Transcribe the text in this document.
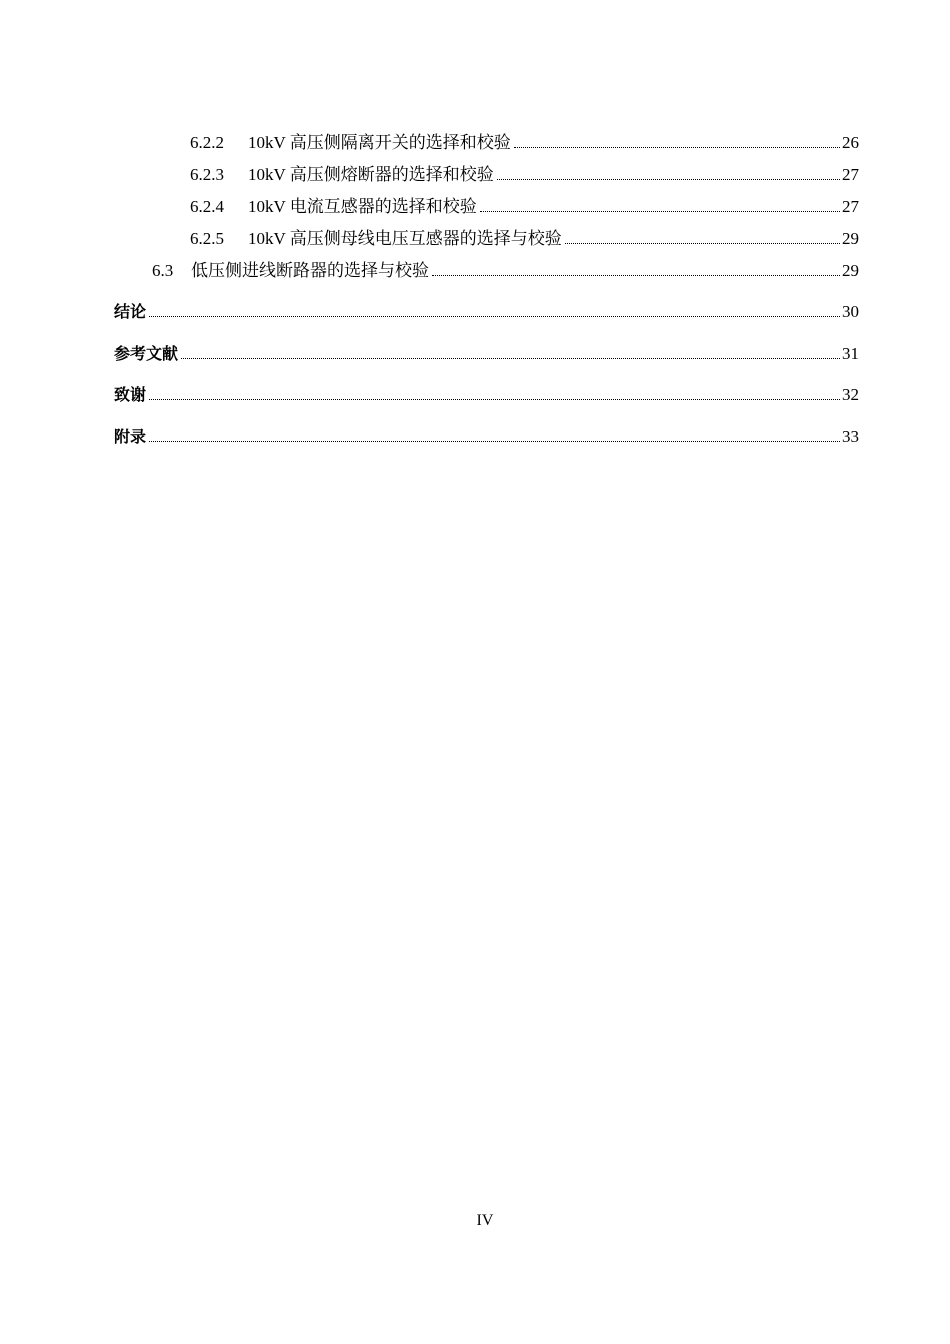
6.2.2	10kV 高压侧隔离开关的选择和校验	26
6.2.3	10kV 高压侧熔断器的选择和校验	27
6.2.4	10kV 电流互感器的选择和校验	27
6.2.5	10kV 高压侧母线电压互感器的选择与校验	29
6.3	低压侧进线断路器的选择与校验	29
结论	30
参考文献	31
致谢	32
附录	33
IV
